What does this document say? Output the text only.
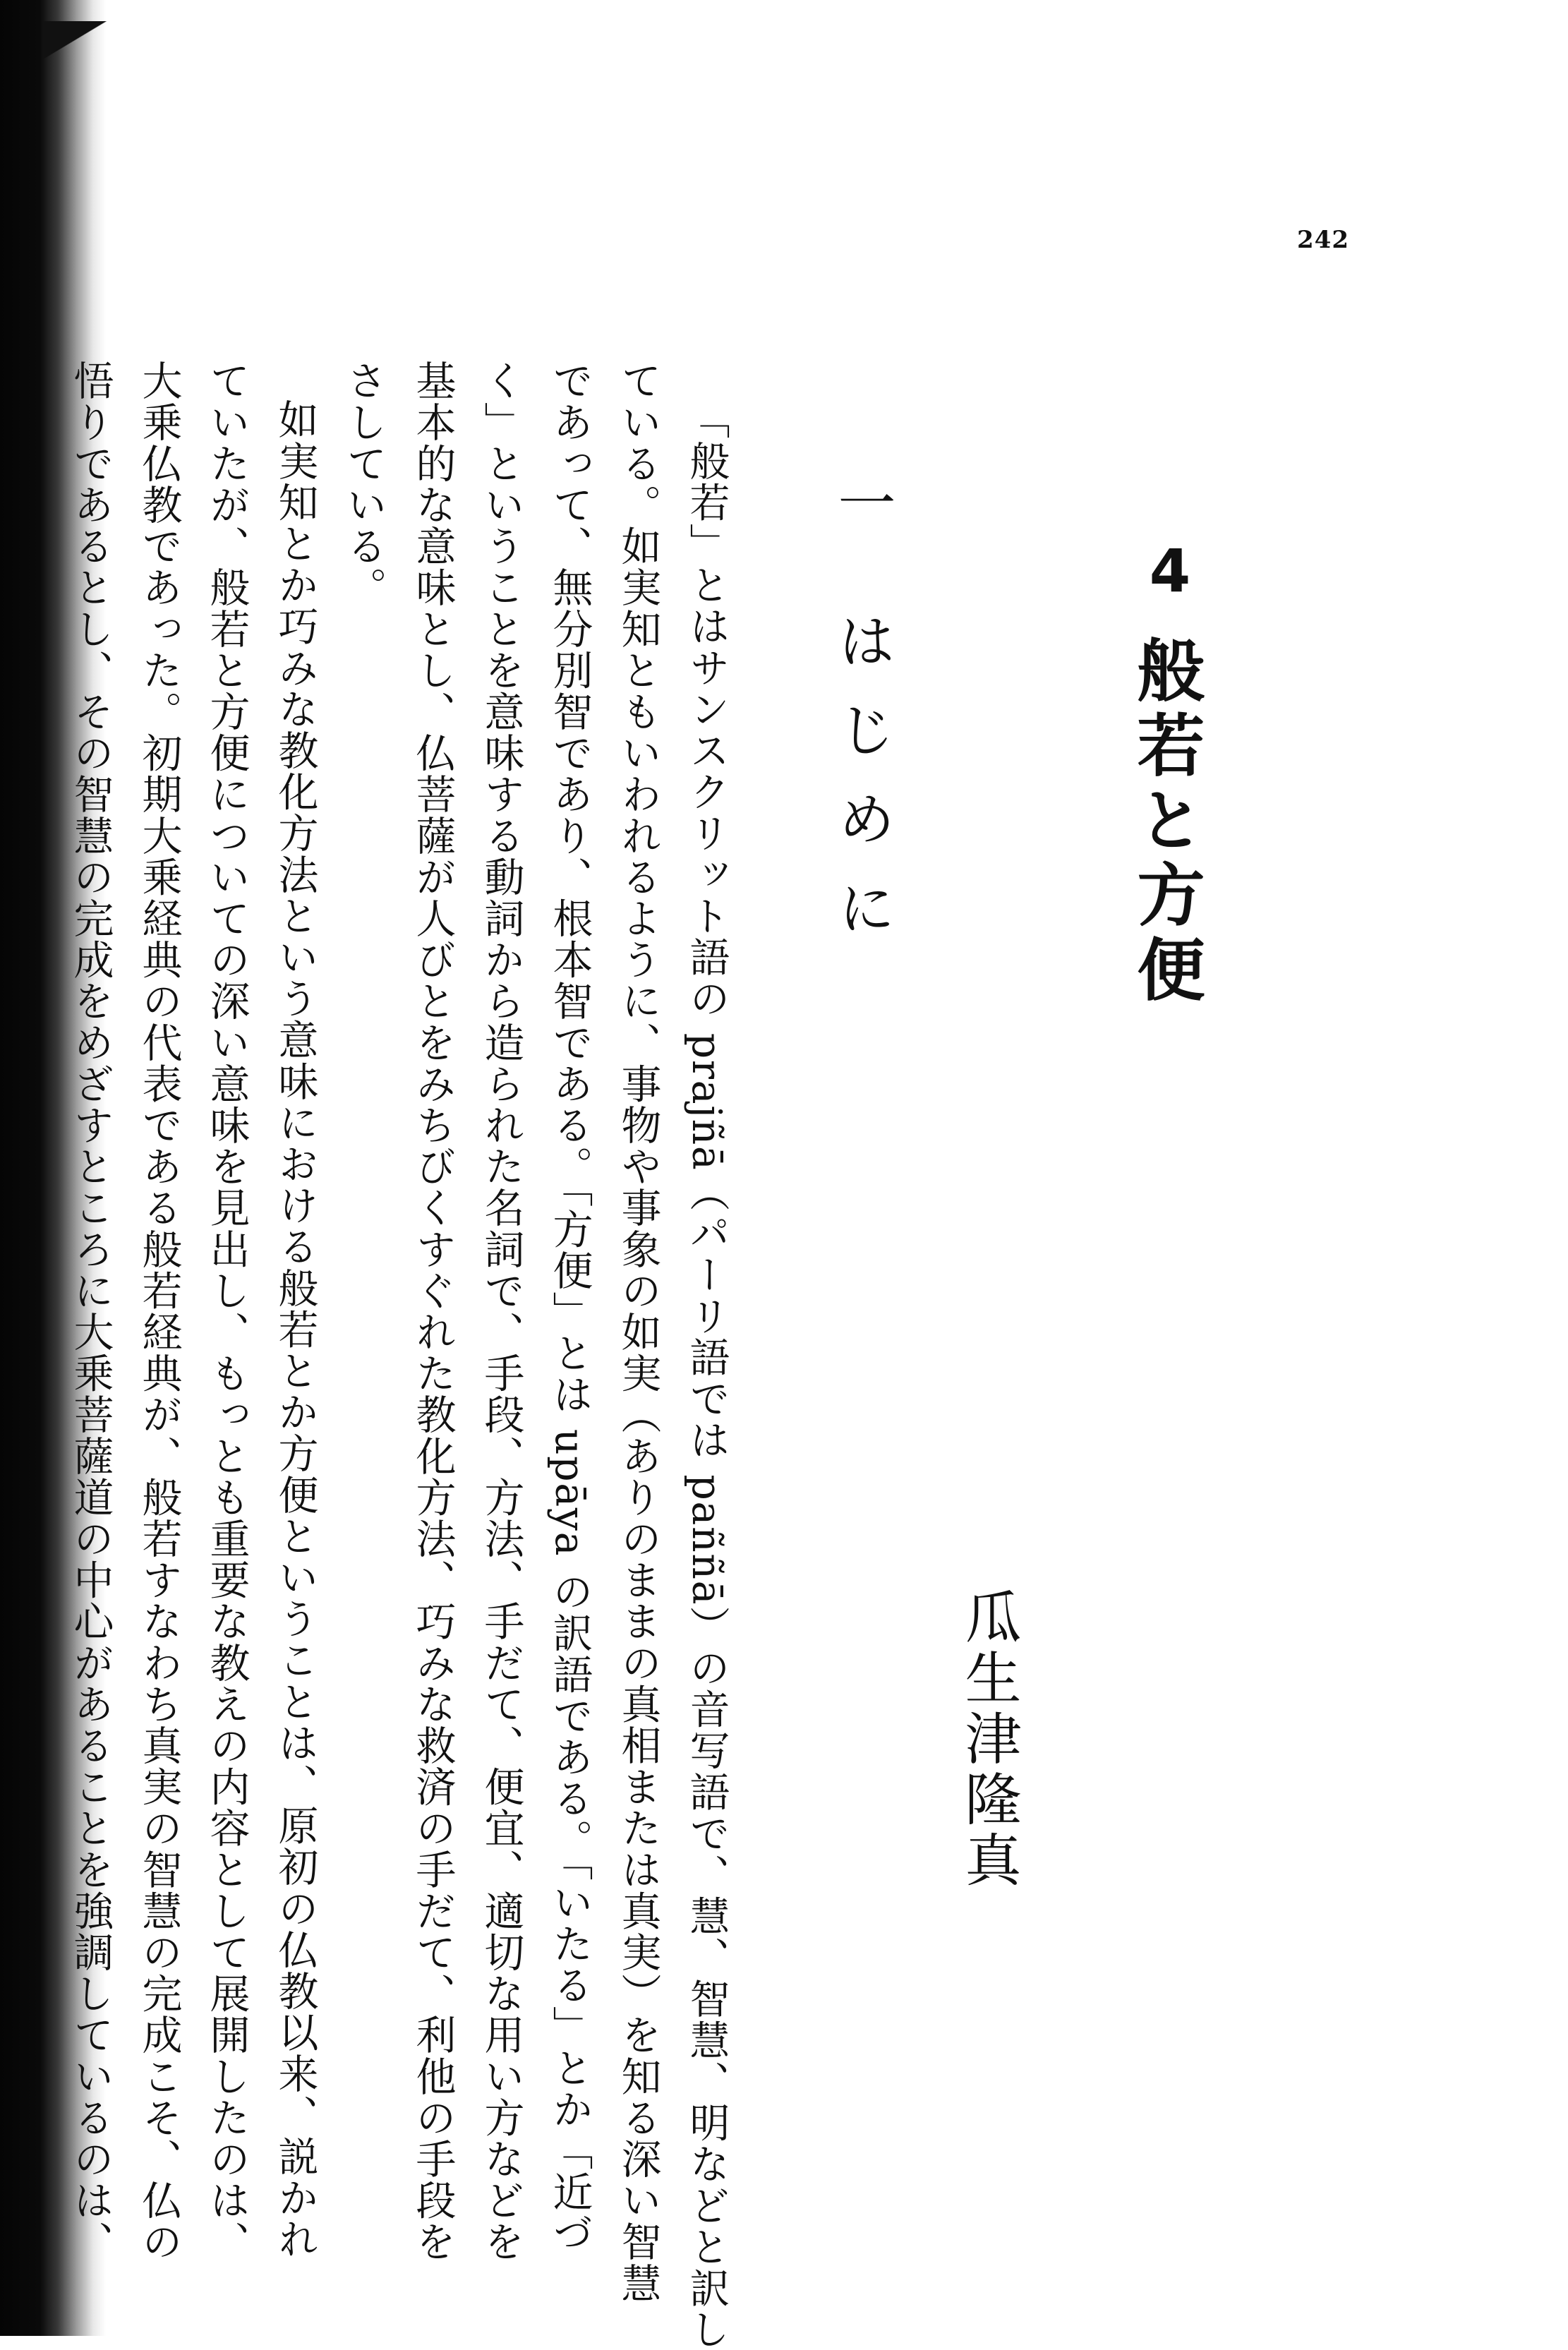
242
4
般若と方便
瓜生津隆真
一 はじめに
「般若」とはサンスクリット語の prajñā（パーリ語では paññā）の音写語で、慧、智慧、明などと訳し
ている。如実知ともいわれるように、事物や事象の如実（ありのままの真相または真実）を知る深い智慧
であって、無分別智であり、根本智である。「方便」とは upāya の訳語である。「いたる」とか「近づ
く」ということを意味する動詞から造られた名詞で、手段、方法、手だて、便宜、適切な用い方などを
基本的な意味とし、仏菩薩が人びとをみちびくすぐれた教化方法、巧みな救済の手だて、利他の手段を
さしている。
如実知とか巧みな教化方法という意味における般若とか方便ということは、原初の仏教以来、説かれ
ていたが、般若と方便についての深い意味を見出し、もっとも重要な教えの内容として展開したのは、
大乗仏教であった。初期大乗経典の代表である般若経典が、般若すなわち真実の智慧の完成こそ、仏の
悟りであるとし、その智慧の完成をめざすところに大乗菩薩道の中心があることを強調しているのは、
